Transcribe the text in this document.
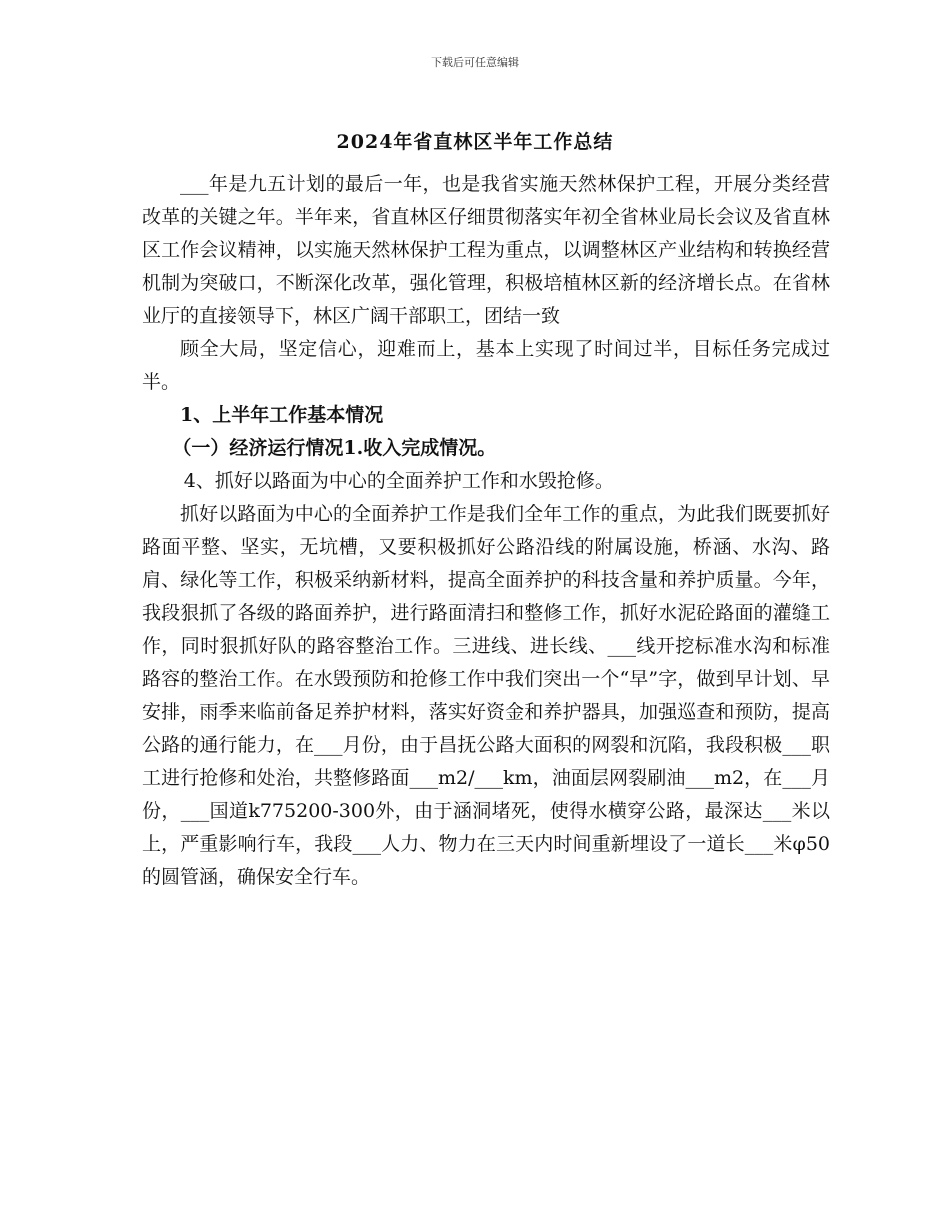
下载后可任意编辑
2024年省直林区半年工作总结

___年是九五计划的最后一年，也是我省实施天然林保护工程，开展分类经营改革的关键之年。半年来，省直林区仔细贯彻落实年初全省林业局长会议及省直林区工作会议精神，以实施天然林保护工程为重点，以调整林区产业结构和转换经营机制为突破口，不断深化改革，强化管理，积极培植林区新的经济增长点。在省林业厅的直接领导下，林区广阔干部职工，团结一致

顾全大局，坚定信心，迎难而上，基本上实现了时间过半，目标任务完成过半。

1、上半年工作基本情况

（一）经济运行情况1.收入完成情况。

4、抓好以路面为中心的全面养护工作和水毁抢修。

抓好以路面为中心的全面养护工作是我们全年工作的重点，为此我们既要抓好路面平整、坚实，无坑槽，又要积极抓好公路沿线的附属设施，桥涵、水沟、路肩、绿化等工作，积极采纳新材料，提高全面养护的科技含量和养护质量。今年，我段狠抓了各级的路面养护，进行路面清扫和整修工作，抓好水泥砼路面的灌缝工作，同时狠抓好队的路容整治工作。三进线、进长线、___线开挖标准水沟和标准路容的整治工作。在水毁预防和抢修工作中我们突出一个“早”字，做到早计划、早安排，雨季来临前备足养护材料，落实好资金和养护器具，加强巡查和预防，提高公路的通行能力，在___月份，由于昌抚公路大面积的网裂和沉陷，我段积极___职工进行抢修和处治，共整修路面___m2/___km，油面层网裂刷油___m2，在___月份，___国道k775200-300外，由于涵洞堵死，使得水横穿公路，最深达___米以上，严重影响行车，我段___人力、物力在三天内时间重新埋设了一道长___米φ50的圆管涵，确保安全行车。
